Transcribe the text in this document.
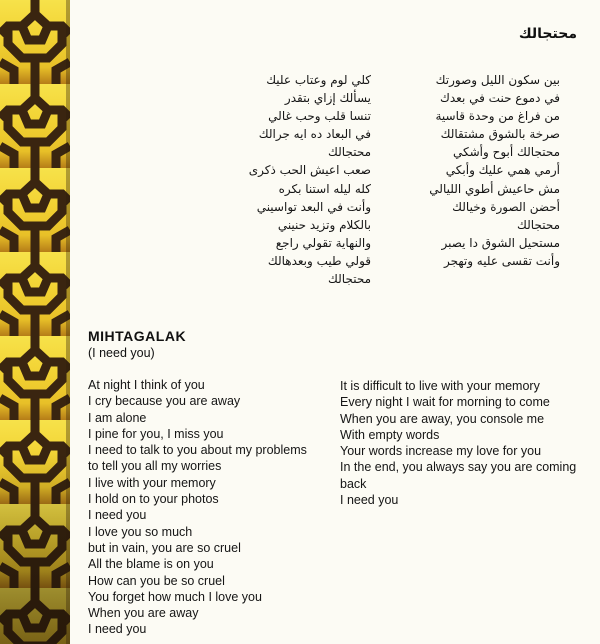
محتجالك
بين سكون الليل وصورتك
في دموع حنت في بعدك
من فراغ من وحدة قاسية
صرخة بالشوق مشتقالك
محتجالك أبوح وأشكي
أرمي همي عليك وأبكي
مش حاعيش أطوي الليالي
أحضن الصورة وخيالك
محتجالك
مستحيل الشوق دا يصبر
وأنت تقسى عليه وتهجر
كلي لوم وعتاب عليك
يسألك إزاي بتقدر
تنسا قلب وحب غالي
في البعاد ده ايه جرالك
محتجالك
صعب اعيش الحب ذكرى
كله ليله استنا بكره
وأنت في البعد تواسيني
بالكلام وتزيد حنيني
والنهاية تقولي راجع
قولي طيب وبعدهالك
محتجالك
MIHTAGALAK
(I need you)
At night I think of you
I cry because you are away
I am alone
I pine for you, I miss you
I need to talk to you about my problems
to tell you all my worries
I live with your memory
I hold on to your photos
I need you
I love you so much
but in vain, you are so cruel
All the blame is on you
How can you be so cruel
You forget how much I love you
When you are away
I need you
It is difficult to live with your memory
Every night I wait for morning to come
When you are away, you console me
With empty words
Your words increase my love for you
In the end, you always say you are coming back
I need you
